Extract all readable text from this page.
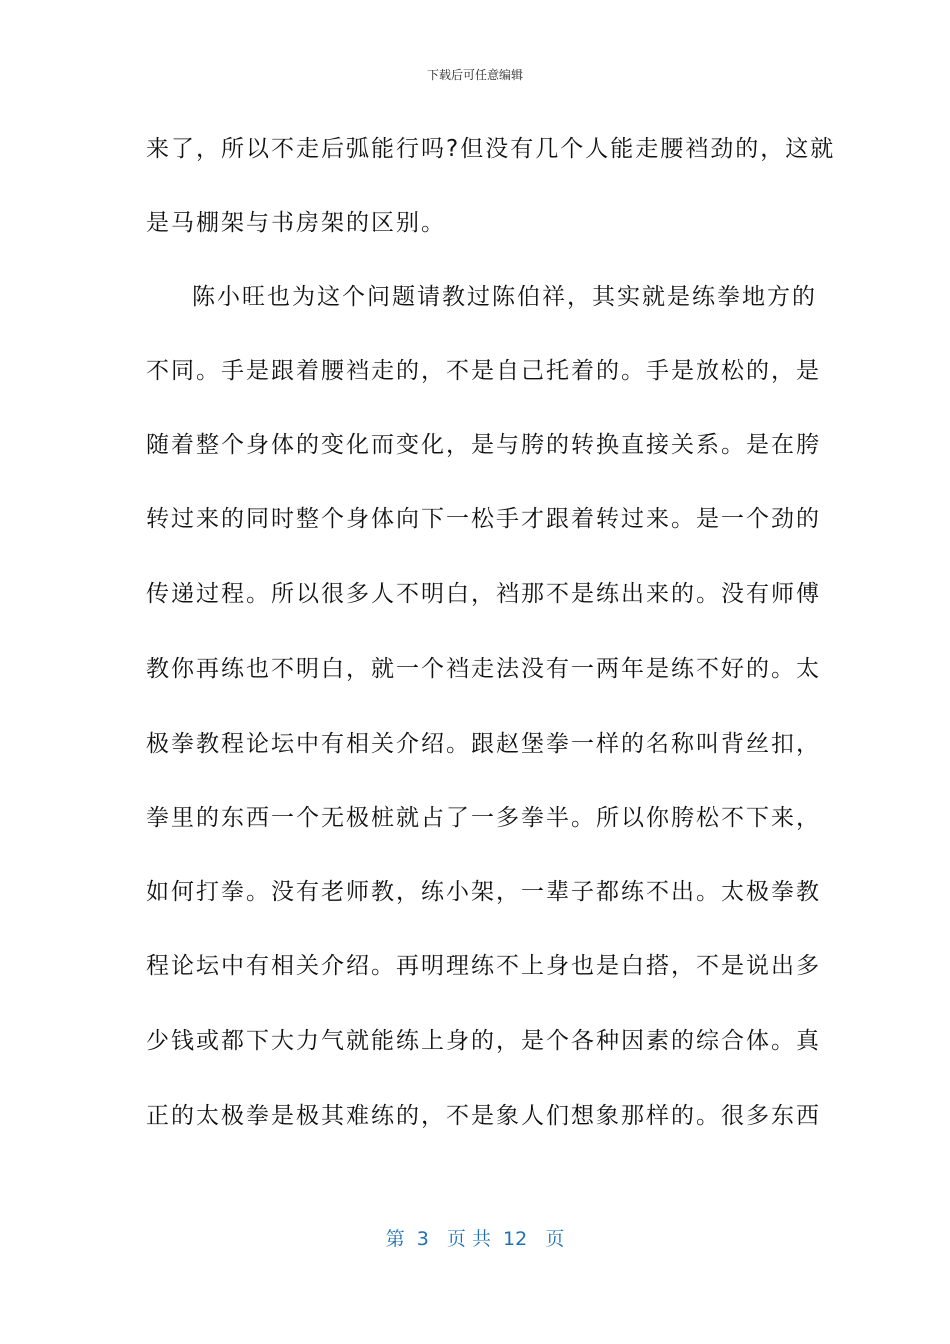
下载后可任意编辑
来了，所以不走后弧能行吗?但没有几个人能走腰裆劲的，这就
是马棚架与书房架的区别。
陈小旺也为这个问题请教过陈伯祥，其实就是练拳地方的
不同。手是跟着腰裆走的，不是自己托着的。手是放松的，是
随着整个身体的变化而变化，是与胯的转换直接关系。是在胯
转过来的同时整个身体向下一松手才跟着转过来。是一个劲的
传递过程。所以很多人不明白，裆那不是练出来的。没有师傅
教你再练也不明白，就一个裆走法没有一两年是练不好的。太
极拳教程论坛中有相关介绍。跟赵堡拳一样的名称叫背丝扣，
拳里的东西一个无极桩就占了一多拳半。所以你胯松不下来，
如何打拳。没有老师教，练小架，一辈子都练不出。太极拳教
程论坛中有相关介绍。再明理练不上身也是白搭，不是说出多
少钱或都下大力气就能练上身的，是个各种因素的综合体。真
正的太极拳是极其难练的，不是象人们想象那样的。很多东西
第  3   页 共  12   页
